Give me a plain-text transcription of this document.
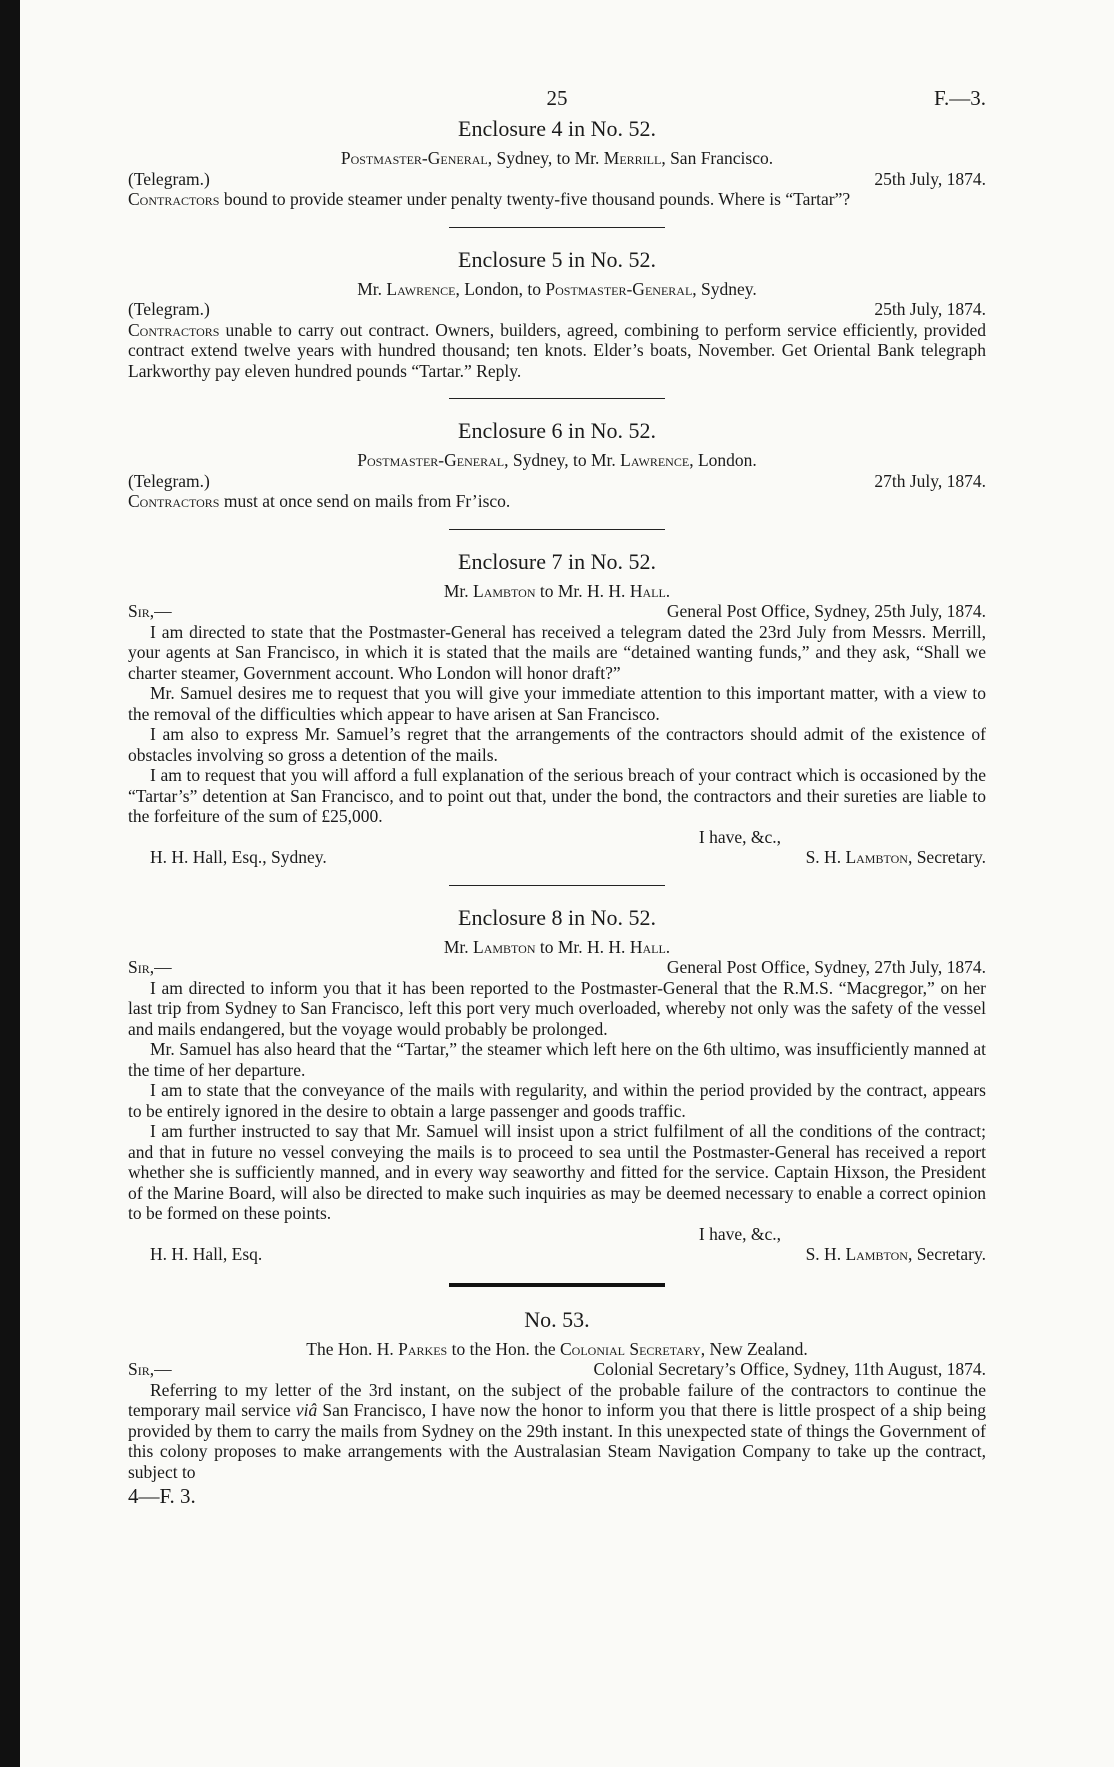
25	F.—3.
Enclosure 4 in No. 52.
Postmaster-General, Sydney, to Mr. Merrill, San Francisco.
(Telegram.)	25th July, 1874.

Contractors bound to provide steamer under penalty twenty-five thousand pounds. Where is “Tartar”?

Enclosure 5 in No. 52.
Mr. Lawrence, London, to Postmaster-General, Sydney.
(Telegram.)	25th July, 1874.

Contractors unable to carry out contract. Owners, builders, agreed, combining to perform service efficiently, provided contract extend twelve years with hundred thousand; ten knots. Elder’s boats, November. Get Oriental Bank telegraph Larkworthy pay eleven hundred pounds “Tartar.” Reply.

Enclosure 6 in No. 52.
Postmaster-General, Sydney, to Mr. Lawrence, London.
(Telegram.)	27th July, 1874.

Contractors must at once send on mails from Fr’isco.

Enclosure 7 in No. 52.
Mr. Lambton to Mr. H. H. Hall.
Sir,—	General Post Office, Sydney, 25th July, 1874.

I am directed to state that the Postmaster-General has received a telegram dated the 23rd July from Messrs. Merrill, your agents at San Francisco, in which it is stated that the mails are “detained wanting funds,” and they ask, “Shall we charter steamer, Government account. Who London will honor draft?”

Mr. Samuel desires me to request that you will give your immediate attention to this important matter, with a view to the removal of the difficulties which appear to have arisen at San Francisco.

I am also to express Mr. Samuel’s regret that the arrangements of the contractors should admit of the existence of obstacles involving so gross a detention of the mails.

I am to request that you will afford a full explanation of the serious breach of your contract which is occasioned by the “Tartar’s” detention at San Francisco, and to point out that, under the bond, the contractors and their sureties are liable to the forfeiture of the sum of £25,000.

I have, &c.,
H. H. Hall, Esq., Sydney.	S. H. Lambton, Secretary.
Enclosure 8 in No. 52.
Mr. Lambton to Mr. H. H. Hall.
Sir,—	General Post Office, Sydney, 27th July, 1874.

I am directed to inform you that it has been reported to the Postmaster-General that the R.M.S. “Macgregor,” on her last trip from Sydney to San Francisco, left this port very much overloaded, whereby not only was the safety of the vessel and mails endangered, but the voyage would probably be prolonged.

Mr. Samuel has also heard that the “Tartar,” the steamer which left here on the 6th ultimo, was insufficiently manned at the time of her departure.

I am to state that the conveyance of the mails with regularity, and within the period provided by the contract, appears to be entirely ignored in the desire to obtain a large passenger and goods traffic.

I am further instructed to say that Mr. Samuel will insist upon a strict fulfilment of all the conditions of the contract; and that in future no vessel conveying the mails is to proceed to sea until the Postmaster-General has received a report whether she is sufficiently manned, and in every way seaworthy and fitted for the service. Captain Hixson, the President of the Marine Board, will also be directed to make such inquiries as may be deemed necessary to enable a correct opinion to be formed on these points.

I have, &c.,
H. H. Hall, Esq.	S. H. Lambton, Secretary.
No. 53.
The Hon. H. Parkes to the Hon. the Colonial Secretary, New Zealand.
Sir,—	Colonial Secretary’s Office, Sydney, 11th August, 1874.

Referring to my letter of the 3rd instant, on the subject of the probable failure of the contractors to continue the temporary mail service viâ San Francisco, I have now the honor to inform you that there is little prospect of a ship being provided by them to carry the mails from Sydney on the 29th instant. In this unexpected state of things the Government of this colony proposes to make arrangements with the Australasian Steam Navigation Company to take up the contract, subject to

4—F. 3.
